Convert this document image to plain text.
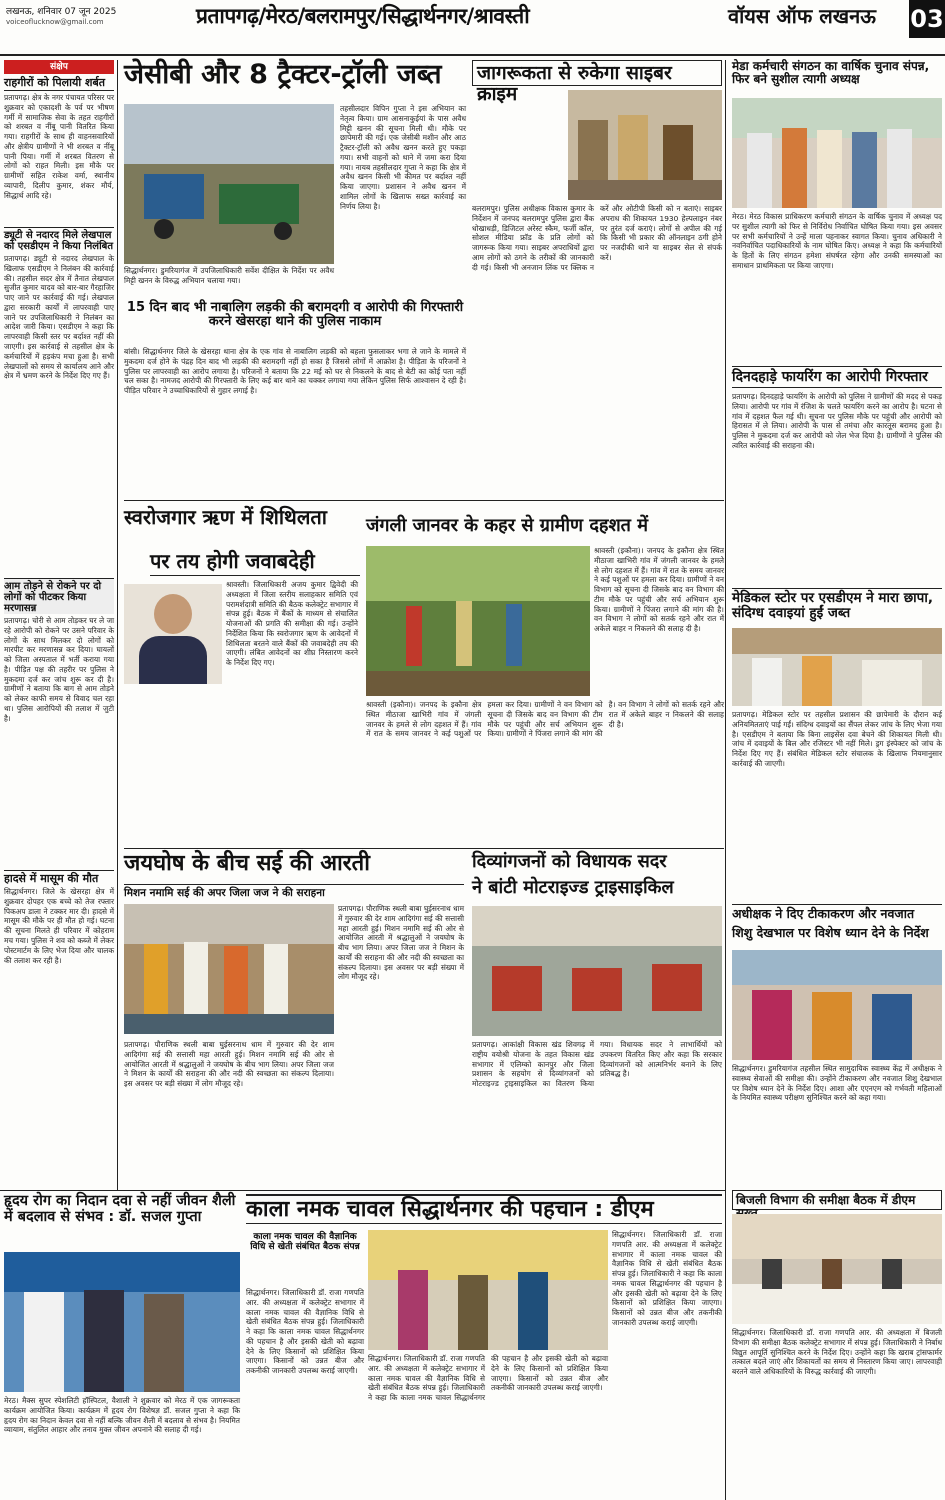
लखनऊ, शनिवार 07 जून 2025
voiceoflucknow@gmail.com	प्रतापगढ़/मेरठ/बलरामपुर/सिद्धार्थनगर/श्रावस्ती	वॉयस ऑफ लखनऊ 03
संक्षेप
राहगीरों को पिलायी शर्बत
प्रतापगढ़। क्षेत्र के नगर पंचायत परिसर पर शुक्रवार को एकादशी के पर्व पर भीषण गर्मी में सामाजिक सेवा के तहत राहगीरों को शरबत व नींबू पानी वितरित किया गया। राहगीरों के साथ ही वाहनसवारियों और क्षेत्रीय ग्रामीणों ने भी शरबत व नींबू पानी पिया। गर्मी में शरबत वितरण से लोगों को राहत मिली। इस मौके पर ग्रामीणों सहित राकेश वर्मा, स्थानीय व्यापारी, दिलीप कुमार, शंकर मौर्य, सिद्धार्थ आदि रहे।
ड्यूटी से नदारद मिले लेखपाल को एसडीएम ने किया निलंबित
प्रतापगढ़। ड्यूटी से नदारद लेखपाल के खिलाफ एसडीएम ने निलंबन की कार्रवाई की। तहसील सदर क्षेत्र में तैनात लेखपाल सुजीत कुमार यादव को बार-बार गैरहाजिर पाए जाने पर कार्रवाई की गई। लेखपाल द्वारा सरकारी कार्यों में लापरवाही पाए जाने पर उपजिलाधिकारी ने निलंबन का आदेश जारी किया। एसडीएम ने कहा कि लापरवाही किसी स्तर पर बर्दाश्त नहीं की जाएगी। इस कार्रवाई से तहसील क्षेत्र के कर्मचारियों में हड़कंप मचा हुआ है। सभी लेखपालों को समय से कार्यालय आने और क्षेत्र में भ्रमण करने के निर्देश दिए गए हैं।
आम तोड़ने से रोकने पर दो लोगों को पीटकर किया मरणासन्न
प्रतापगढ़। चोरी से आम तोड़कर घर ले जा रहे आरोपी को रोकने पर उसने परिवार के लोगों के साथ मिलकर दो लोगों को मारपीट कर मरणासन्न कर दिया। घायलों को जिला अस्पताल में भर्ती कराया गया है। पीड़ित पक्ष की तहरीर पर पुलिस ने मुकदमा दर्ज कर जांच शुरू कर दी है। ग्रामीणों ने बताया कि बाग से आम तोड़ने को लेकर काफी समय से विवाद चल रहा था। पुलिस आरोपियों की तलाश में जुटी है।
हादसे में मासूम की मौत
सिद्धार्थनगर। जिले के खेसरहा क्षेत्र में शुक्रवार दोपहर एक बच्चे को तेज रफ्तार पिकअप डाला ने टक्कर मार दी। हादसे में मासूम की मौके पर ही मौत हो गई। घटना की सूचना मिलते ही परिवार में कोहराम मच गया। पुलिस ने शव को कब्जे में लेकर पोस्टमार्टम के लिए भेज दिया और चालक की तलाश कर रही है।
जेसीबी और 8 ट्रैक्टर-ट्रॉली जब्त
सिद्धार्थनगर। डुमरियागंज में उपजिलाधिकारी सर्वेश दीक्षित के निर्देश पर अवैध मिट्टी खनन के विरुद्ध अभियान चलाया गया।
तहसीलदार विपिन गुप्ता ने इस अभियान का नेतृत्व किया। ग्राम आसनाकुईयां के पास अवैध मिट्टी खनन की सूचना मिली थी। मौके पर छापेमारी की गई। एक जेसीबी मशीन और आठ ट्रैक्टर-ट्रॉली को अवैध खनन करते हुए पकड़ा गया। सभी वाहनों को थाने में जमा करा दिया गया। नायब तहसीलदार गुप्ता ने कहा कि क्षेत्र में अवैध खनन किसी भी कीमत पर बर्दाश्त नहीं किया जाएगा। प्रशासन ने अवैध खनन में शामिल लोगों के खिलाफ सख्त कार्रवाई का निर्णय लिया है।
15 दिन बाद भी नाबालिग लड़की की बरामदगी व आरोपी की गिरफ्तारी करने खेसरहा थाने की पुलिस नाकाम
बांसी। सिद्धार्थनगर जिले के खेसरहा थाना क्षेत्र के एक गांव से नाबालिग लड़की को बहला फुसलाकर भगा ले जाने के मामले में मुकदमा दर्ज होने के पंद्रह दिन बाद भी लड़की की बरामदगी नहीं हो सका है जिससे लोगों में आक्रोश है। पीड़िता के परिजनों ने पुलिस पर लापरवाही का आरोप लगाया है। परिजनों ने बताया कि 22 मई को घर से निकलने के बाद से बेटी का कोई पता नहीं चल सका है। नामजद आरोपी की गिरफ्तारी के लिए कई बार थाने का चक्कर लगाया गया लेकिन पुलिस सिर्फ आश्वासन दे रही है। पीड़ित परिवार ने उच्चाधिकारियों से गुहार लगाई है।
जागरूकता से रुकेगा साइबर क्राइम
बलरामपुर। पुलिस अधीक्षक विकास कुमार के निर्देशन में जनपद बलरामपुर पुलिस द्वारा बैंक धोखाधड़ी, डिजिटल अरेस्ट स्कैम, फर्जी कॉल, सोशल मीडिया फ्रॉड के प्रति लोगों को जागरूक किया गया। साइबर अपराधियों द्वारा आम लोगों को ठगने के तरीकों की जानकारी दी गई। किसी भी अनजान लिंक पर क्लिक न करें और ओटीपी किसी को न बताएं। साइबर अपराध की शिकायत 1930 हेल्पलाइन नंबर पर तुरंत दर्ज कराएं। लोगों से अपील की गई कि किसी भी प्रकार की ऑनलाइन ठगी होने पर नजदीकी थाने या साइबर सेल से संपर्क करें।
स्वरोजगार ऋण में शिथिलता
पर तय होगी जवाबदेही
श्रावस्ती। जिलाधिकारी अजय कुमार द्विवेदी की अध्यक्षता में जिला स्तरीय सलाहकार समिति एवं परामर्शदात्री समिति की बैठक कलेक्ट्रेट सभागार में संपन्न हुई। बैठक में बैंकों के माध्यम से संचालित योजनाओं की प्रगति की समीक्षा की गई। उन्होंने निर्देशित किया कि स्वरोजगार ऋण के आवेदनों में शिथिलता बरतने वाले बैंकों की जवाबदेही तय की जाएगी। लंबित आवेदनों का शीघ्र निस्तारण करने के निर्देश दिए गए।
जंगली जानवर के कहर से ग्रामीण दहशत में
श्रावस्ती (इकौना)। जनपद के इकौना क्षेत्र स्थित मीठाजा खाभिरी गांव में जंगली जानवर के हमले से लोग दहशत में हैं। गांव में रात के समय जानवर ने कई पशुओं पर हमला कर दिया। ग्रामीणों ने वन विभाग को सूचना दी जिसके बाद वन विभाग की टीम मौके पर पहुंची और सर्च अभियान शुरू किया। ग्रामीणों ने पिंजरा लगाने की मांग की है। वन विभाग ने लोगों को सतर्क रहने और रात में अकेले बाहर न निकलने की सलाह दी है।
श्रावस्ती (इकौना)। जनपद के इकौना क्षेत्र स्थित मीठाजा खाभिरी गांव में जंगली जानवर के हमले से लोग दहशत में हैं। गांव में रात के समय जानवर ने कई पशुओं पर हमला कर दिया। ग्रामीणों ने वन विभाग को सूचना दी जिसके बाद वन विभाग की टीम मौके पर पहुंची और सर्च अभियान शुरू किया। ग्रामीणों ने पिंजरा लगाने की मांग की है। वन विभाग ने लोगों को सतर्क रहने और रात में अकेले बाहर न निकलने की सलाह दी है।
मेडा कर्मचारी संगठन का वार्षिक चुनाव संपन्न, फिर बने सुशील त्यागी अध्यक्ष
मेरठ। मेरठ विकास प्राधिकरण कर्मचारी संगठन के वार्षिक चुनाव में अध्यक्ष पद पर सुशील त्यागी को फिर से निर्विरोध निर्वाचित घोषित किया गया। इस अवसर पर सभी कर्मचारियों ने उन्हें माला पहनाकर स्वागत किया। चुनाव अधिकारी ने नवनिर्वाचित पदाधिकारियों के नाम घोषित किए। अध्यक्ष ने कहा कि कर्मचारियों के हितों के लिए संगठन हमेशा संघर्षरत रहेगा और उनकी समस्याओं का समाधान प्राथमिकता पर किया जाएगा।
दिनदहाड़े फायरिंग का आरोपी गिरफ्तार
प्रतापगढ़। दिनदहाड़े फायरिंग के आरोपी को पुलिस ने ग्रामीणों की मदद से पकड़ लिया। आरोपी पर गांव में रंजिश के चलते फायरिंग करने का आरोप है। घटना से गांव में दहशत फैल गई थी। सूचना पर पुलिस मौके पर पहुंची और आरोपी को हिरासत में ले लिया। आरोपी के पास से तमंचा और कारतूस बरामद हुआ है। पुलिस ने मुकदमा दर्ज कर आरोपी को जेल भेज दिया है। ग्रामीणों ने पुलिस की त्वरित कार्रवाई की सराहना की।
मेडिकल स्टोर पर एसडीएम ने मारा छापा, संदिग्ध दवाइयां हुईं जब्त
प्रतापगढ़। मेडिकल स्टोर पर तहसील प्रशासन की छापेमारी के दौरान कई अनियमितताएं पाई गईं। संदिग्ध दवाइयों का सैंपल लेकर जांच के लिए भेजा गया है। एसडीएम ने बताया कि बिना लाइसेंस दवा बेचने की शिकायत मिली थी। जांच में दवाइयों के बिल और रजिस्टर भी नहीं मिले। ड्रग इंस्पेक्टर को जांच के निर्देश दिए गए हैं। संबंधित मेडिकल स्टोर संचालक के खिलाफ नियमानुसार कार्रवाई की जाएगी।
अधीक्षक ने दिए टीकाकरण और नवजात
शिशु देखभाल पर विशेष ध्यान देने के निर्देश
सिद्धार्थनगर। डुमरियागंज तहसील स्थित सामुदायिक स्वास्थ्य केंद्र में अधीक्षक ने स्वास्थ्य सेवाओं की समीक्षा की। उन्होंने टीकाकरण और नवजात शिशु देखभाल पर विशेष ध्यान देने के निर्देश दिए। आशा और एएनएम को गर्भवती महिलाओं के नियमित स्वास्थ्य परीक्षण सुनिश्चित करने को कहा गया।
बिजली विभाग की समीक्षा बैठक में डीएम
सिद्धार्थनगर। जिलाधिकारी डॉ. राजा गणपति आर. की अध्यक्षता में बिजली विभाग की समीक्षा बैठक कलेक्ट्रेट सभागार में संपन्न हुई। जिलाधिकारी ने निर्बाध विद्युत आपूर्ति सुनिश्चित करने के निर्देश दिए। उन्होंने कहा कि खराब ट्रांसफार्मर तत्काल बदले जाएं और शिकायतों का समय से निस्तारण किया जाए। लापरवाही बरतने वाले अधिकारियों के विरुद्ध कार्रवाई की जाएगी।
जयघोष के बीच सई की आरती
मिशन नमामि सई की अपर जिला जज ने की सराहना
प्रतापगढ़। पौराणिक स्थली बाबा घुईसरनाथ धाम में गुरुवार की देर शाम आदिगंगा सई की सत्तासी महा आरती हुई। मिशन नमामि सई की ओर से आयोजित आरती में श्रद्धालुओं ने जयघोष के बीच भाग लिया। अपर जिला जज ने मिशन के कार्यों की सराहना की और नदी की स्वच्छता का संकल्प दिलाया। इस अवसर पर बड़ी संख्या में लोग मौजूद रहे।
प्रतापगढ़। पौराणिक स्थली बाबा घुईसरनाथ धाम में गुरुवार की देर शाम आदिगंगा सई की सत्तासी महा आरती हुई। मिशन नमामि सई की ओर से आयोजित आरती में श्रद्धालुओं ने जयघोष के बीच भाग लिया। अपर जिला जज ने मिशन के कार्यों की सराहना की और नदी की स्वच्छता का संकल्प दिलाया। इस अवसर पर बड़ी संख्या में लोग मौजूद रहे।
दिव्यांगजनों को विधायक सदर
ने बांटी मोटराइज्ड ट्राइसाइकिल
प्रतापगढ़। आकांक्षी विकास खंड शिवगढ़ में राष्ट्रीय वयोश्री योजना के तहत विकास खंड सभागार में एलिम्को कानपुर और जिला प्रशासन के सहयोग से दिव्यांगजनों को मोटराइज्ड ट्राइसाइकिल का वितरण किया गया। विधायक सदर ने लाभार्थियों को उपकरण वितरित किए और कहा कि सरकार दिव्यांगजनों को आत्मनिर्भर बनाने के लिए प्रतिबद्ध है।
हृदय रोग का निदान दवा से नहीं जीवन शैली में बदलाव से संभव : डॉ. सजल गुप्ता
मेरठ। मैक्स सुपर स्पेशलिटी हॉस्पिटल, वैशाली ने शुक्रवार को मेरठ में एक जागरूकता कार्यक्रम आयोजित किया। कार्यक्रम में हृदय रोग विशेषज्ञ डॉ. सजल गुप्ता ने कहा कि हृदय रोग का निदान केवल दवा से नहीं बल्कि जीवन शैली में बदलाव से संभव है। नियमित व्यायाम, संतुलित आहार और तनाव मुक्त जीवन अपनाने की सलाह दी गई।
काला नमक चावल सिद्धार्थनगर की पहचान : डीएम
काला नमक चावल की वैज्ञानिक विधि से खेती संबंधित बैठक संपन्न
सिद्धार्थनगर। जिलाधिकारी डॉ. राजा गणपति आर. की अध्यक्षता में कलेक्ट्रेट सभागार में काला नमक चावल की वैज्ञानिक विधि से खेती संबंधित बैठक संपन्न हुई। जिलाधिकारी ने कहा कि काला नमक चावल सिद्धार्थनगर की पहचान है और इसकी खेती को बढ़ावा देने के लिए किसानों को प्रशिक्षित किया जाएगा। किसानों को उन्नत बीज और तकनीकी जानकारी उपलब्ध कराई जाएगी।
सिद्धार्थनगर। जिलाधिकारी डॉ. राजा गणपति आर. की अध्यक्षता में कलेक्ट्रेट सभागार में काला नमक चावल की वैज्ञानिक विधि से खेती संबंधित बैठक संपन्न हुई। जिलाधिकारी ने कहा कि काला नमक चावल सिद्धार्थनगर की पहचान है और इसकी खेती को बढ़ावा देने के लिए किसानों को प्रशिक्षित किया जाएगा। किसानों को उन्नत बीज और तकनीकी जानकारी उपलब्ध कराई जाएगी।
सिद्धार्थनगर। जिलाधिकारी डॉ. राजा गणपति आर. की अध्यक्षता में कलेक्ट्रेट सभागार में काला नमक चावल की वैज्ञानिक विधि से खेती संबंधित बैठक संपन्न हुई। जिलाधिकारी ने कहा कि काला नमक चावल सिद्धार्थनगर की पहचान है और इसकी खेती को बढ़ावा देने के लिए किसानों को प्रशिक्षित किया जाएगा। किसानों को उन्नत बीज और तकनीकी जानकारी उपलब्ध कराई जाएगी।
